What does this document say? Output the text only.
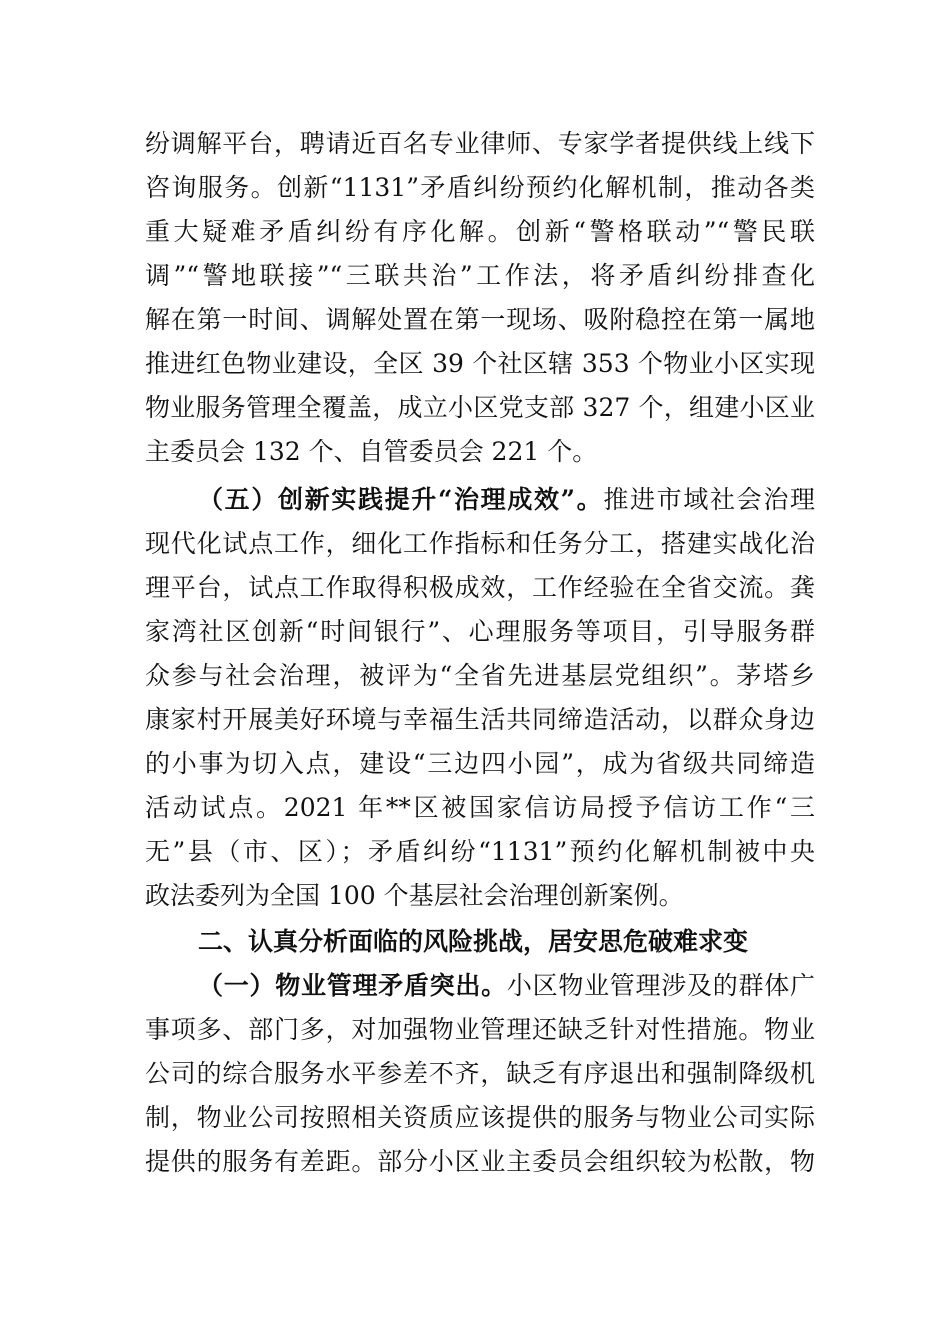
纷调解平台，聘请近百名专业律师、专家学者提供线上线下
咨询服务。创新“1131”矛盾纠纷预约化解机制，推动各类
重大疑难矛盾纠纷有序化解。创新“警格联动”“警民联
调”“警地联接”“三联共治”工作法，将矛盾纠纷排查化
解在第一时间、调解处置在第一现场、吸附稳控在第一属地
推进红色物业建设，全区 39 个社区辖 353 个物业小区实现
物业服务管理全覆盖，成立小区党支部 327 个，组建小区业
主委员会 132 个、自管委员会 221 个。
（五）创新实践提升“治理成效”。推进市域社会治理
现代化试点工作，细化工作指标和任务分工，搭建实战化治
理平台，试点工作取得积极成效，工作经验在全省交流。龚
家湾社区创新“时间银行”、心理服务等项目，引导服务群
众参与社会治理，被评为“全省先进基层党组织”。茅塔乡
康家村开展美好环境与幸福生活共同缔造活动，以群众身边
的小事为切入点，建设“三边四小园”，成为省级共同缔造
活动试点。2021 年**区被国家信访局授予信访工作“三
无”县（市、区）；矛盾纠纷“1131”预约化解机制被中央
政法委列为全国 100 个基层社会治理创新案例。
二、认真分析面临的风险挑战，居安思危破难求变
（一）物业管理矛盾突出。小区物业管理涉及的群体广
事项多、部门多，对加强物业管理还缺乏针对性措施。物业
公司的综合服务水平参差不齐，缺乏有序退出和强制降级机
制，物业公司按照相关资质应该提供的服务与物业公司实际
提供的服务有差距。部分小区业主委员会组织较为松散，物
